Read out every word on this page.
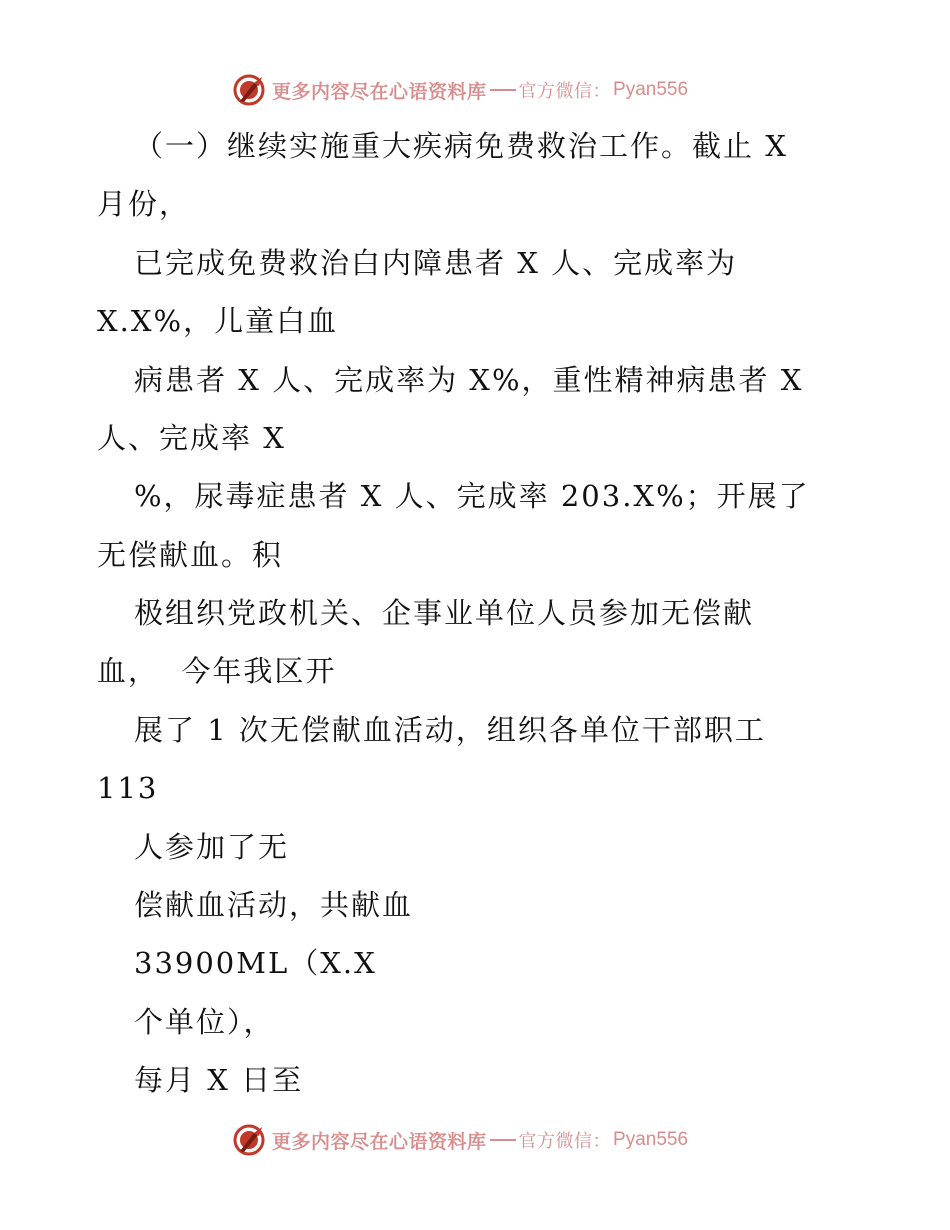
更多内容尽在心语资料库 官方微信： Pyan556
（一）继续实施重大疾病免费救治工作。截止 X
月份，
已完成免费救治白内障患者 X 人、完成率为
X.X%，儿童白血
病患者 X 人、完成率为 X%，重性精神病患者 X
人、完成率 X
%，尿毒症患者 X 人、完成率 203.X%；开展了
无偿献血。积
极组织党政机关、企事业单位人员参加无偿献
血，  今年我区开
展了 1 次无偿献血活动，组织各单位干部职工
113
人参加了无
偿献血活动，共献血
33900ML（X.X
个单位），
每月 X 日至
更多内容尽在心语资料库 官方微信： Pyan556
